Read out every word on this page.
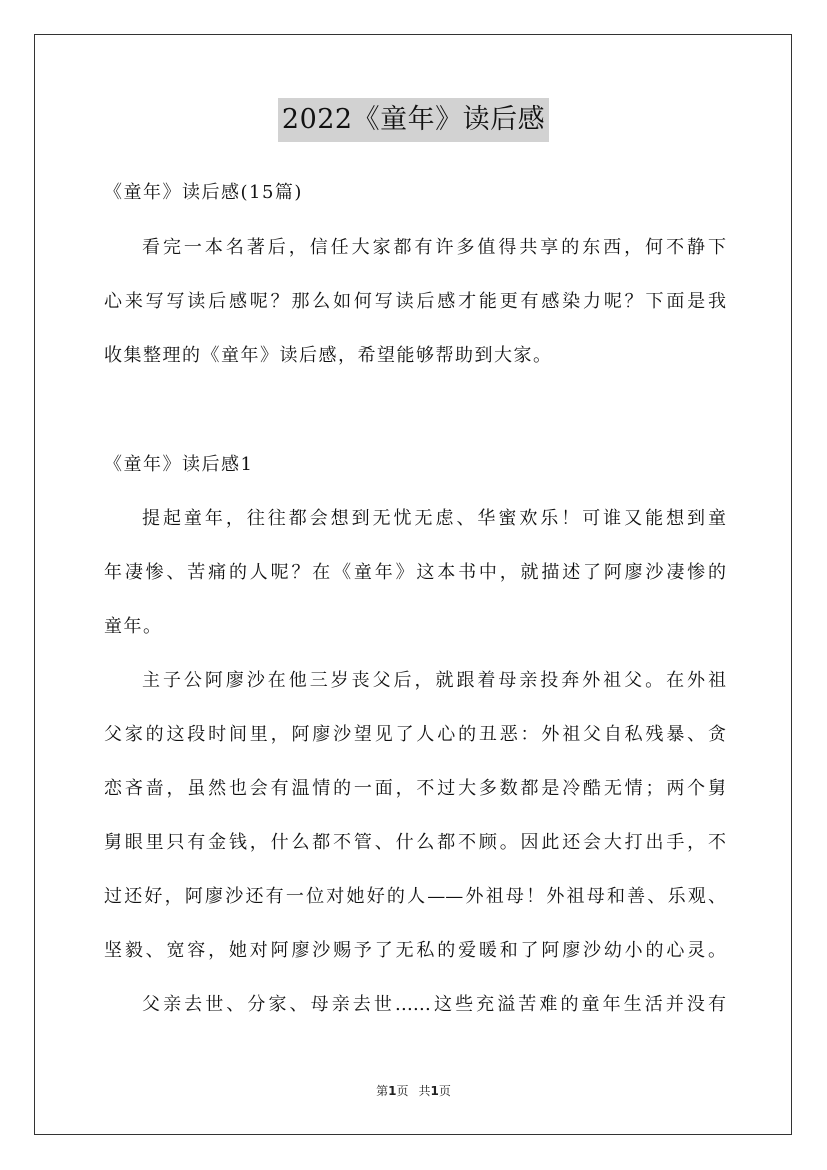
2022《童年》读后感
《童年》读后感(15篇)
看完一本名著后，信任大家都有许多值得共享的东西，何不静下
心来写写读后感呢？那么如何写读后感才能更有感染力呢？下面是我
收集整理的《童年》读后感，希望能够帮助到大家。
《童年》读后感1
提起童年，往往都会想到无忧无虑、华蜜欢乐！可谁又能想到童
年凄惨、苦痛的人呢？在《童年》这本书中，就描述了阿廖沙凄惨的
童年。
主子公阿廖沙在他三岁丧父后，就跟着母亲投奔外祖父。在外祖
父家的这段时间里，阿廖沙望见了人心的丑恶：外祖父自私残暴、贪
恋吝啬，虽然也会有温情的一面，不过大多数都是冷酷无情；两个舅
舅眼里只有金钱，什么都不管、什么都不顾。因此还会大打出手，不
过还好，阿廖沙还有一位对她好的人——外祖母！外祖母和善、乐观、
坚毅、宽容，她对阿廖沙赐予了无私的爱暖和了阿廖沙幼小的心灵。
父亲去世、分家、母亲去世……这些充溢苦难的童年生活并没有
第1页 共1页
